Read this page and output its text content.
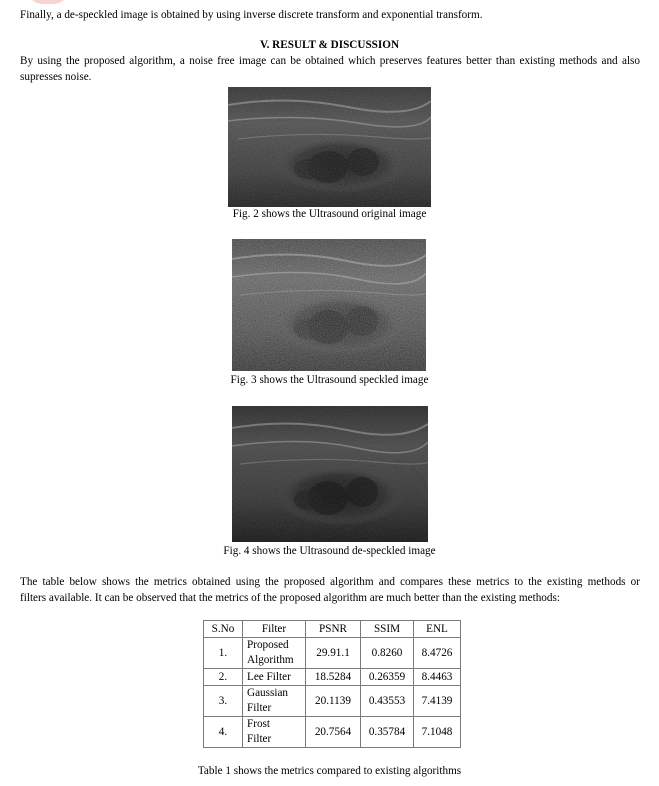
Finally, a de-speckled image is obtained by using inverse discrete transform and exponential transform.

V. RESULT & DISCUSSION

By using the proposed algorithm, a noise free image can be obtained which preserves features better than existing methods and also

supresses noise.

Fig. 2 shows the Ultrasound original image
Fig. 3 shows the Ultrasound speckled image
Fig. 4 shows the Ultrasound de-speckled image

The table below shows the metrics obtained using the proposed algorithm and compares these metrics to the existing methods or

filters available. It can be observed that the metrics of the proposed algorithm are much better than the existing methods:

S.No	Filter	PSNR	SSIM	ENL
1.	Proposed
Algorithm	29.91.1	0.8260	8.4726
2.	Lee Filter	18.5284	0.26359	8.4463
3.	Gaussian
Filter	20.1139	0.43553	7.4139
4.	Frost
Filter	20.7564	0.35784	7.1048
Table 1 shows the metrics compared to existing algorithms
